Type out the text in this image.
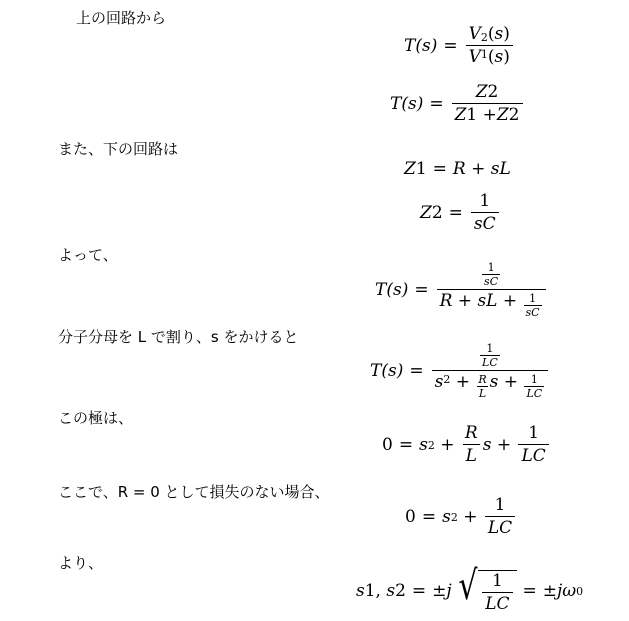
上の回路から
また、下の回路は
よって、
分子分母を L で割り、s をかけると
この極は、
ここで、R = 0 として損失のない場合、
より、
$T(s) = \frac{V 2 ( s )}{V 1 ( s )}$
$T(s) = \frac{Z 2}{Z 1 + Z 2}$
Z 1 = R + sL
Z $2 = \frac{1}{sC}$
$T(s) = \frac{\frac{1}{sC}}{R + sL + \frac{1}{sC}}$
$T(s) = \frac{\frac{1}{LC}}{s 2 + \frac{R}{L} s + \frac{1}{LC}}$
0 = s $2 + \frac{R}{L}$ $s + \frac{1}{LC}$
0 = s $2 + \frac{1}{LC}$
s 1, s 2 = ± j √ $\frac{1}{LC}$ = ± jω 0
